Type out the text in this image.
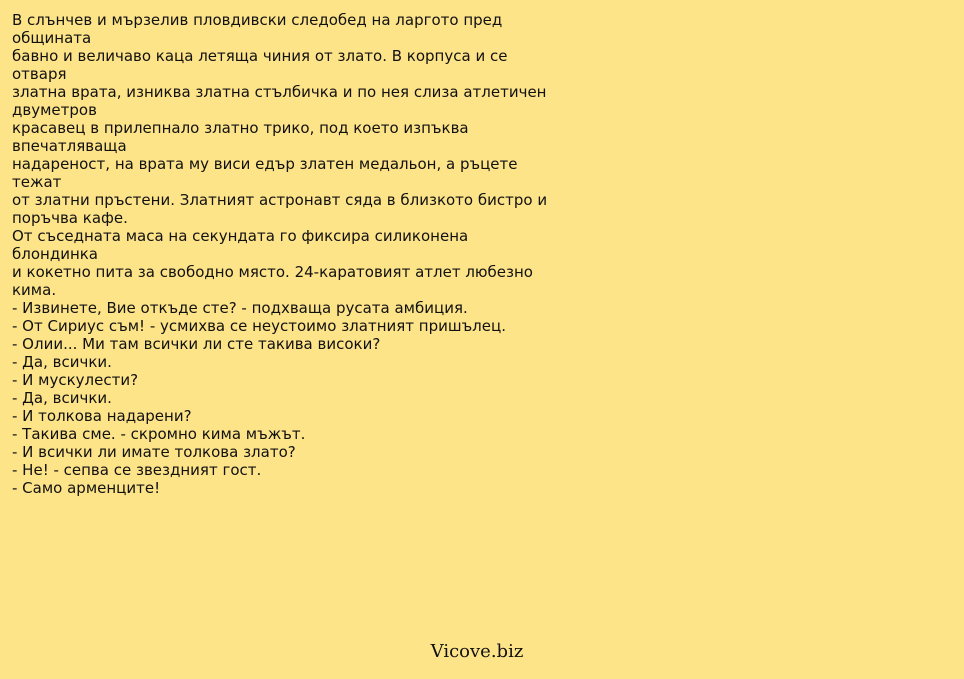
В слънчев и мързелив пловдивски следобед на ларгото пред

общината

бавно и величаво каца летяща чиния от злато. В корпуса и се

отваря

златна врата, изниква златна стълбичка и по нея слиза атлетичен

двуметров

красавец в прилепнало златно трико, под което изпъква

впечатляваща

надареност, на врата му виси едър златен медальон, а ръцете

тежат

от златни пръстени. Златният астронавт сяда в близкото бистро и

поръчва кафе.

От съседната маса на секундата го фиксира силиконена

блондинка

и кокетно пита за свободно място. 24-каратовият атлет любезно

кима.

- Извинете, Вие откъде сте? - подхваща русата амбиция.

- От Сириус съм! - усмихва се неустоимо златният пришълец.

- Олии... Ми там всички ли сте такива високи?

- Да, всички.

- И мускулести?

- Да, всички.

- И толкова надарени?

- Такива сме. - скромно кима мъжът.

- И всички ли имате толкова злато?

- Не! - сепва се звездният гост.

- Само арменците!

Vicove.biz
